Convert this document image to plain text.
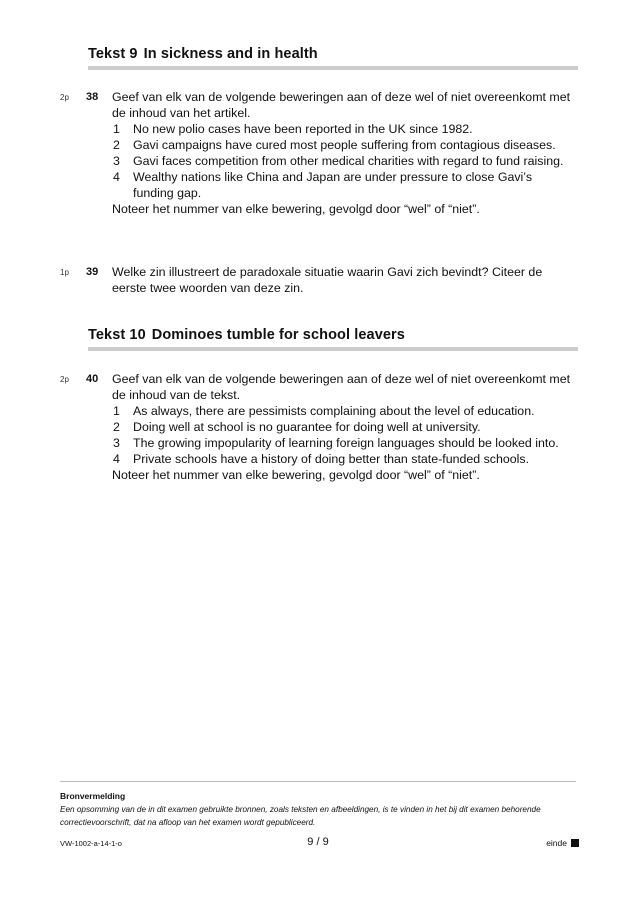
Tekst 9 In sickness and in health
2p 38 Geef van elk van de volgende beweringen aan of deze wel of niet overeenkomt met de inhoud van het artikel.

1 No new polio cases have been reported in the UK since 1982.
2 Gavi campaigns have cured most people suffering from contagious diseases.
3 Gavi faces competition from other medical charities with regard to fund raising.
4 Wealthy nations like China and Japan are under pressure to close Gavi’s funding gap.

Noteer het nummer van elke bewering, gevolgd door “wel” of “niet”.

1p 39 Welke zin illustreert de paradoxale situatie waarin Gavi zich bevindt? Citeer de eerste twee woorden van deze zin.

Tekst 10 Dominoes tumble for school leavers
2p 40 Geef van elk van de volgende beweringen aan of deze wel of niet overeenkomt met de inhoud van de tekst.

1 As always, there are pessimists complaining about the level of education.
2 Doing well at school is no guarantee for doing well at university.
3 The growing impopularity of learning foreign languages should be looked into.
4 Private schools have a history of doing better than state-funded schools.

Noteer het nummer van elke bewering, gevolgd door “wel” of “niet”.

Bronvermelding
Een opsomming van de in dit examen gebruikte bronnen, zoals teksten en afbeeldingen, is te vinden in het bij dit examen behorende correctievoorschrift, dat na afloop van het examen wordt gepubliceerd.
VW-1002-a-14-1-o	9 / 9	einde
